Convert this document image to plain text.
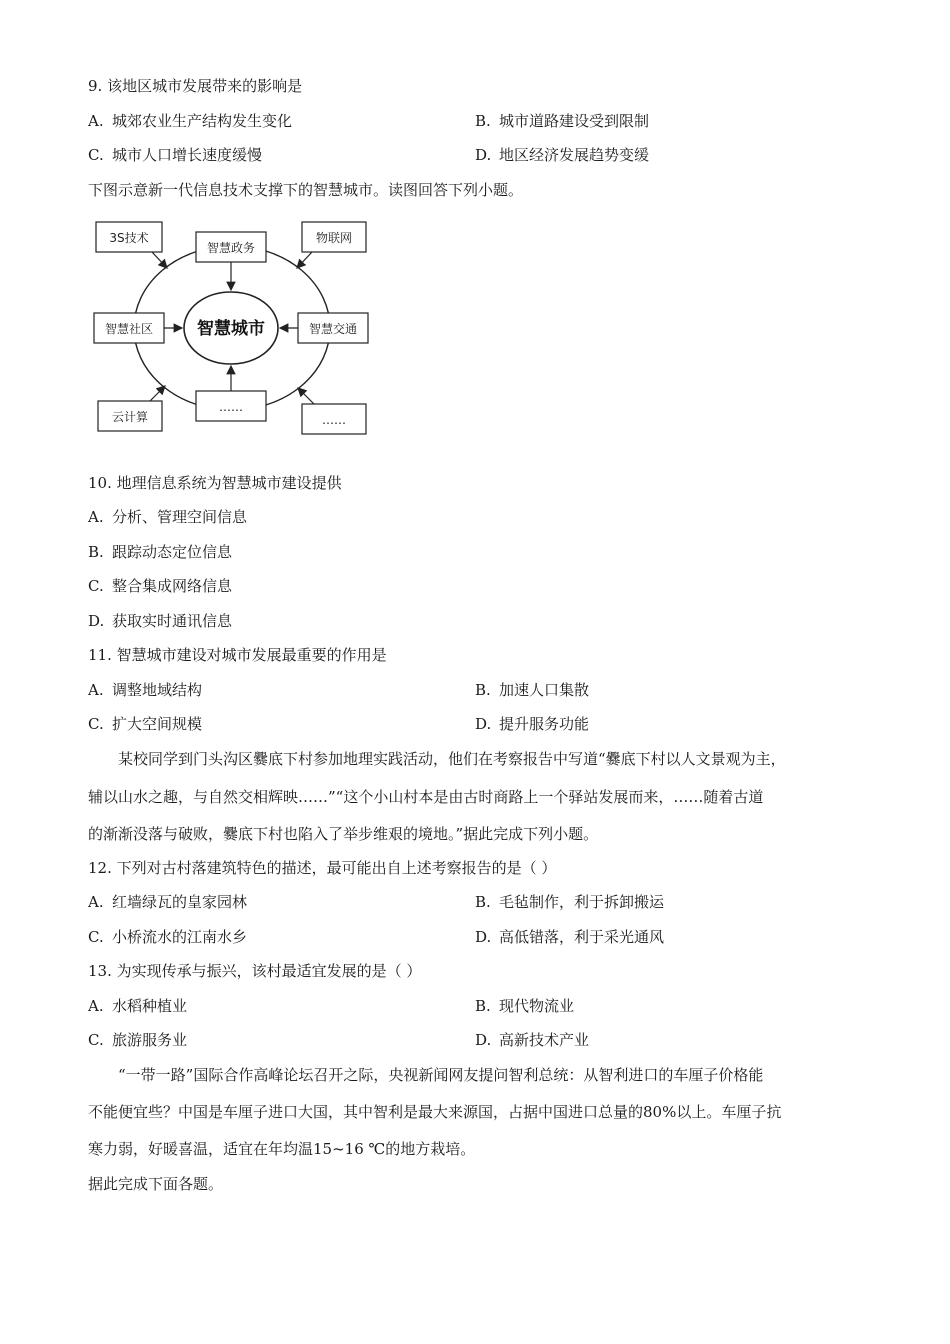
9. 该地区城市发展带来的影响是
A. 城郊农业生产结构发生变化	B. 城市道路建设受到限制
C. 城市人口增长速度缓慢	D. 地区经济发展趋势变缓
下图示意新一代信息技术支撑下的智慧城市。读图回答下列小题。
智慧城市
智慧政务
智慧社区	智慧交通
……
3S技术	物联网
云计算	……
10. 地理信息系统为智慧城市建设提供
A. 分析、管理空间信息
B. 跟踪动态定位信息
C. 整合集成网络信息
D. 获取实时通讯信息
11. 智慧城市建设对城市发展最重要的作用是
A. 调整地域结构	B. 加速人口集散
C. 扩大空间规模	D. 提升服务功能
某校同学到门头沟区爨底下村参加地理实践活动，他们在考察报告中写道“爨底下村以人文景观为主，
辅以山水之趣，与自然交相辉映……”“这个小山村本是由古时商路上一个驿站发展而来，……随着古道
的渐渐没落与破败，爨底下村也陷入了举步维艰的境地。”据此完成下列小题。
12. 下列对古村落建筑特色的描述，最可能出自上述考察报告的是（ ）
A. 红墙绿瓦的皇家园林	B. 毛毡制作，利于拆卸搬运
C. 小桥流水的江南水乡	D. 高低错落，利于采光通风
13. 为实现传承与振兴，该村最适宜发展的是（ ）
A. 水稻种植业	B. 现代物流业
C. 旅游服务业	D. 高新技术产业
“一带一路”国际合作高峰论坛召开之际，央视新闻网友提问智利总统：从智利进口的车厘子价格能
不能便宜些？中国是车厘子进口大国，其中智利是最大来源国，占据中国进口总量的80%以上。车厘子抗
寒力弱，好暖喜温，适宜在年均温15~16 ℃的地方栽培。
据此完成下面各题。
